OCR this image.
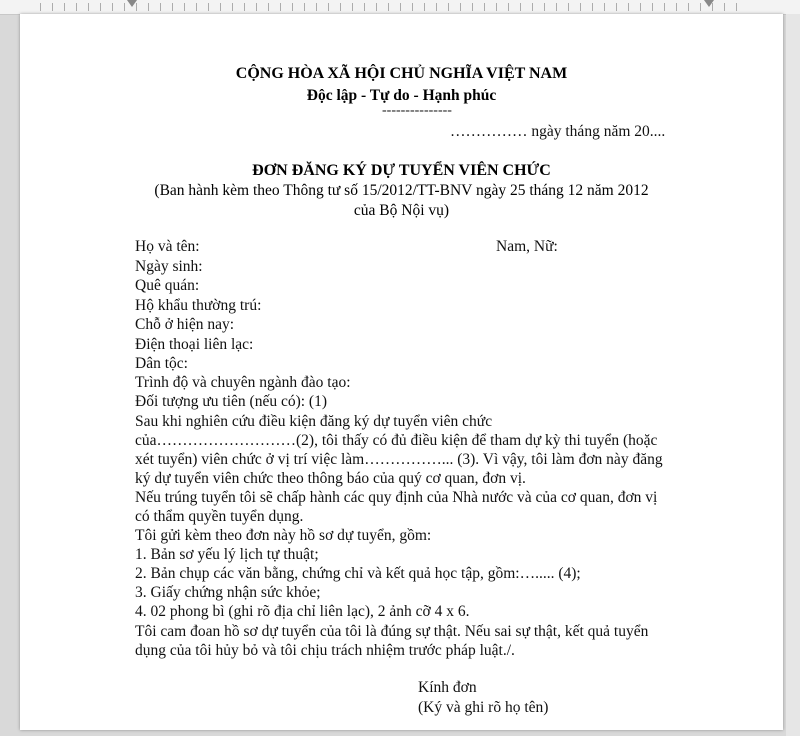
CỘNG HÒA XÃ HỘI CHỦ NGHĨA VIỆT NAM
Độc lập - Tự do - Hạnh phúc
---------------
…………… ngày tháng năm 20....
ĐƠN ĐĂNG KÝ DỰ TUYỂN VIÊN CHỨC
(Ban hành kèm theo Thông tư số 15/2012/TT-BNV ngày 25 tháng 12 năm 2012
của Bộ Nội vụ)
Họ và tên:	Nam, Nữ:
Ngày sinh:
Quê quán:
Hộ khẩu thường trú:
Chỗ ở hiện nay:
Điện thoại liên lạc:
Dân tộc:
Trình độ và chuyên ngành đào tạo:
Đối tượng ưu tiên (nếu có): (1)
Sau khi nghiên cứu điều kiện đăng ký dự tuyển viên chức
của………………………(2), tôi thấy có đủ điều kiện để tham dự kỳ thi tuyển (hoặc
xét tuyển) viên chức ở vị trí việc làm……………... (3). Vì vậy, tôi làm đơn này đăng
ký dự tuyển viên chức theo thông báo của quý cơ quan, đơn vị.
Nếu trúng tuyển tôi sẽ chấp hành các quy định của Nhà nước và của cơ quan, đơn vị
có thẩm quyền tuyển dụng.
Tôi gửi kèm theo đơn này hồ sơ dự tuyển, gồm:
1. Bản sơ yếu lý lịch tự thuật;
2. Bản chụp các văn bằng, chứng chỉ và kết quả học tập, gồm:…..... (4);
3. Giấy chứng nhận sức khỏe;
4. 02 phong bì (ghi rõ địa chỉ liên lạc), 2 ảnh cỡ 4 x 6.
Tôi cam đoan hồ sơ dự tuyển của tôi là đúng sự thật. Nếu sai sự thật, kết quả tuyển
dụng của tôi hủy bỏ và tôi chịu trách nhiệm trước pháp luật./.
Kính đơn
(Ký và ghi rõ họ tên)
